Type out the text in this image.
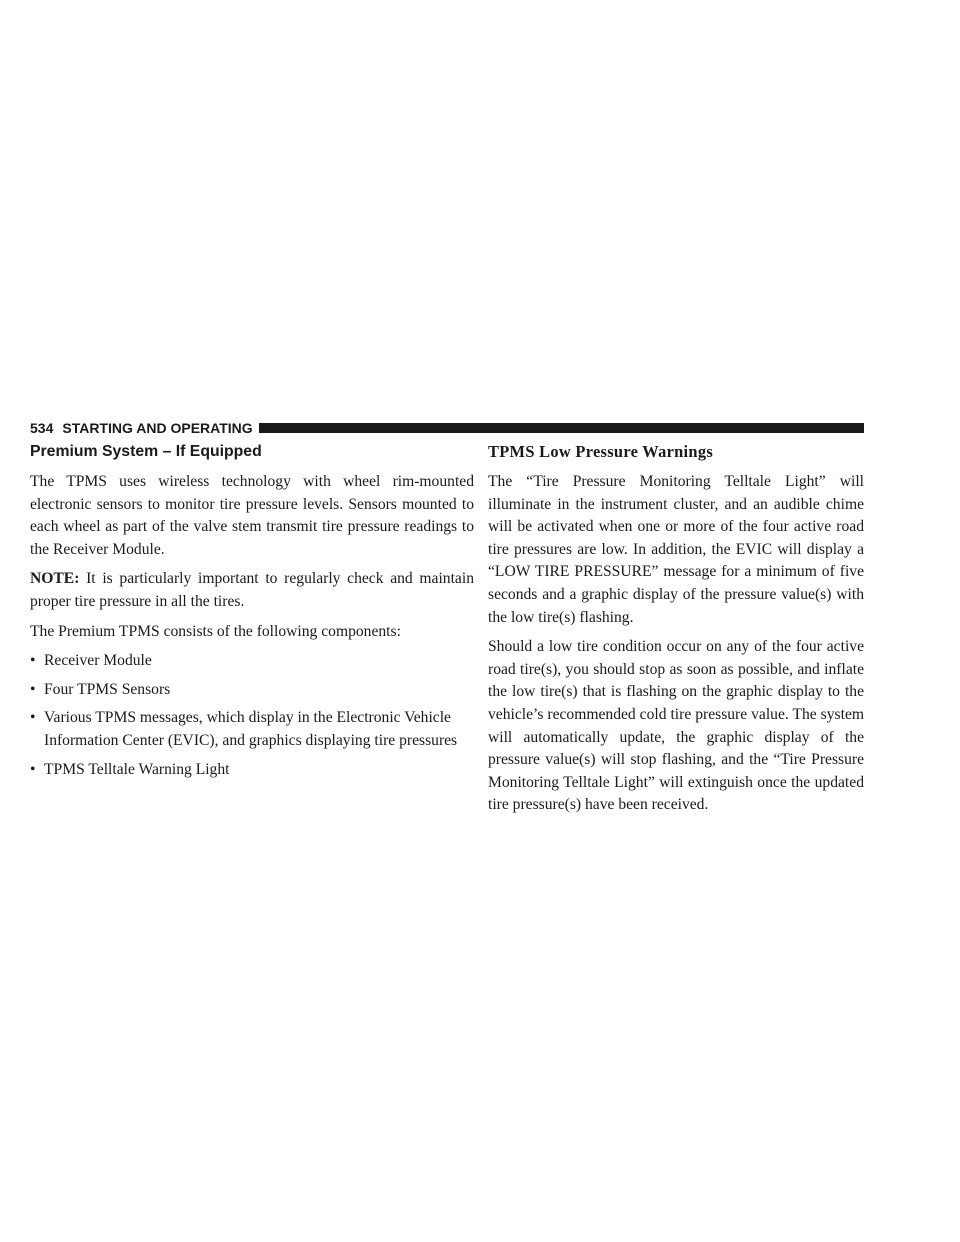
534 STARTING AND OPERATING
Premium System – If Equipped

The TPMS uses wireless technology with wheel rim-mounted electronic sensors to monitor tire pressure levels. Sensors mounted to each wheel as part of the valve stem transmit tire pressure readings to the Receiver Module.

NOTE: It is particularly important to regularly check and maintain proper tire pressure in all the tires.

The Premium TPMS consists of the following components:

• Receiver Module
• Four TPMS Sensors
• Various TPMS messages, which display in the Electronic Vehicle Information Center (EVIC), and graphics displaying tire pressures
• TPMS Telltale Warning Light
TPMS Low Pressure Warnings

The “Tire Pressure Monitoring Telltale Light” will illuminate in the instrument cluster, and an audible chime will be activated when one or more of the four active road tire pressures are low. In addition, the EVIC will display a “LOW TIRE PRESSURE” message for a minimum of five seconds and a graphic display of the pressure value(s) with the low tire(s) flashing.

Should a low tire condition occur on any of the four active road tire(s), you should stop as soon as possible, and inflate the low tire(s) that is flashing on the graphic display to the vehicle’s recommended cold tire pressure value. The system will automatically update, the graphic display of the pressure value(s) will stop flashing, and the “Tire Pressure Monitoring Telltale Light” will extinguish once the updated tire pressure(s) have been received.
